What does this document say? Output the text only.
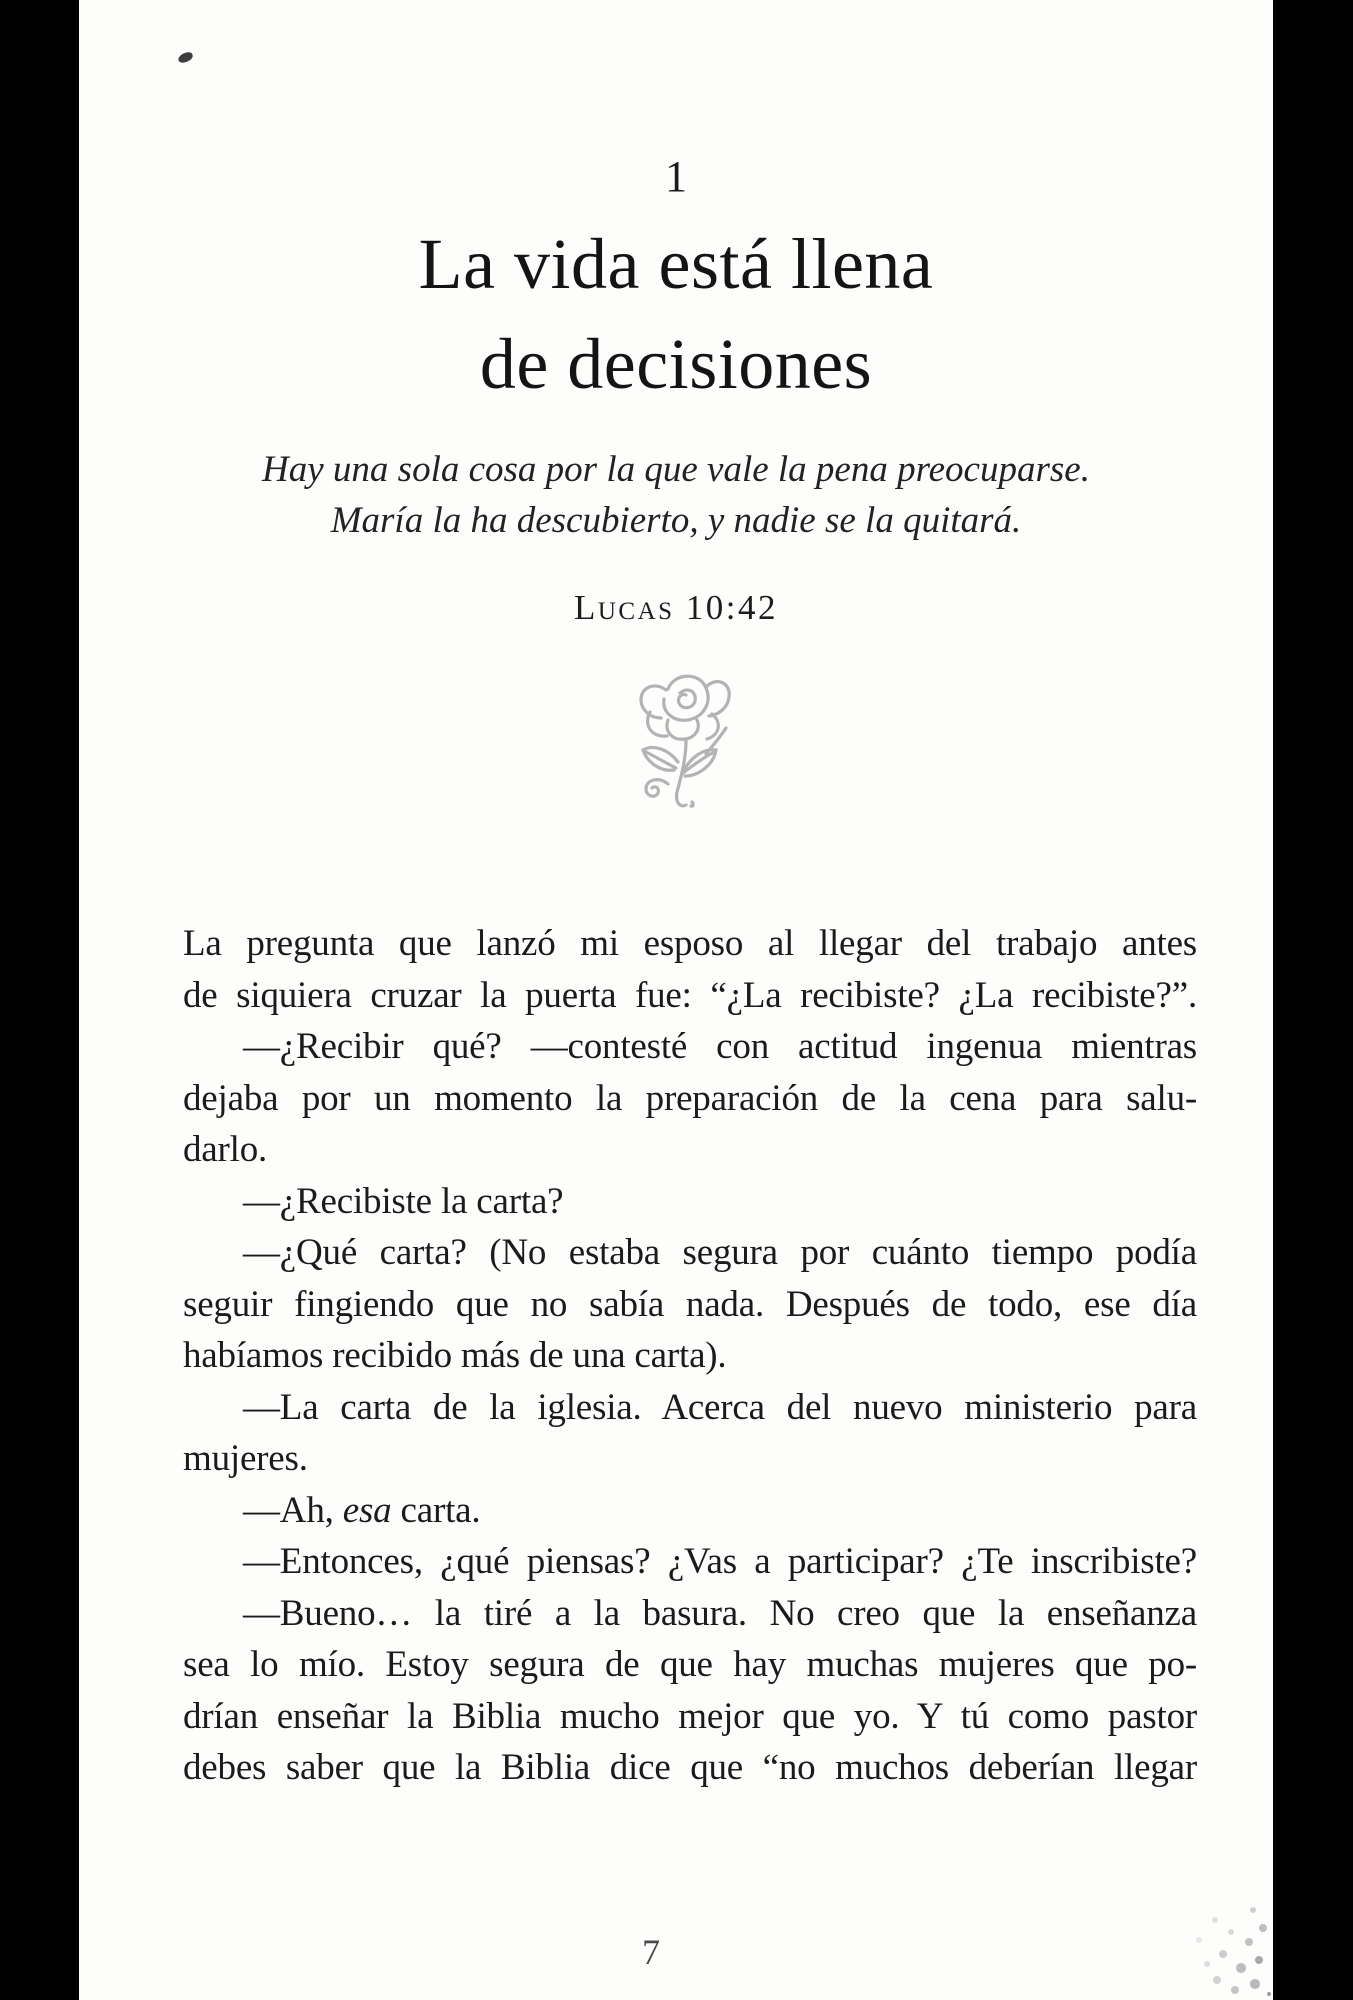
1
La vida está llena
de decisiones
Hay una sola cosa por la que vale la pena preocuparse.
María la ha descubierto, y nadie se la quitará.
Lucas 10:42
La pregunta que lanzó mi esposo al llegar del trabajo antes
de siquiera cruzar la puerta fue: “¿La recibiste? ¿La recibiste?”.
—¿Recibir qué? —contesté con actitud ingenua mientras
dejaba por un momento la preparación de la cena para salu-
darlo.
—¿Recibiste la carta?
—¿Qué carta? (No estaba segura por cuánto tiempo podía
seguir fingiendo que no sabía nada. Después de todo, ese día
habíamos recibido más de una carta).
—La carta de la iglesia. Acerca del nuevo ministerio para
mujeres.
—Ah, esa carta.
—Entonces, ¿qué piensas? ¿Vas a participar? ¿Te inscribiste?
—Bueno… la tiré a la basura. No creo que la enseñanza
sea lo mío. Estoy segura de que hay muchas mujeres que po-
drían enseñar la Biblia mucho mejor que yo. Y tú como pastor
debes saber que la Biblia dice que “no muchos deberían llegar
7
